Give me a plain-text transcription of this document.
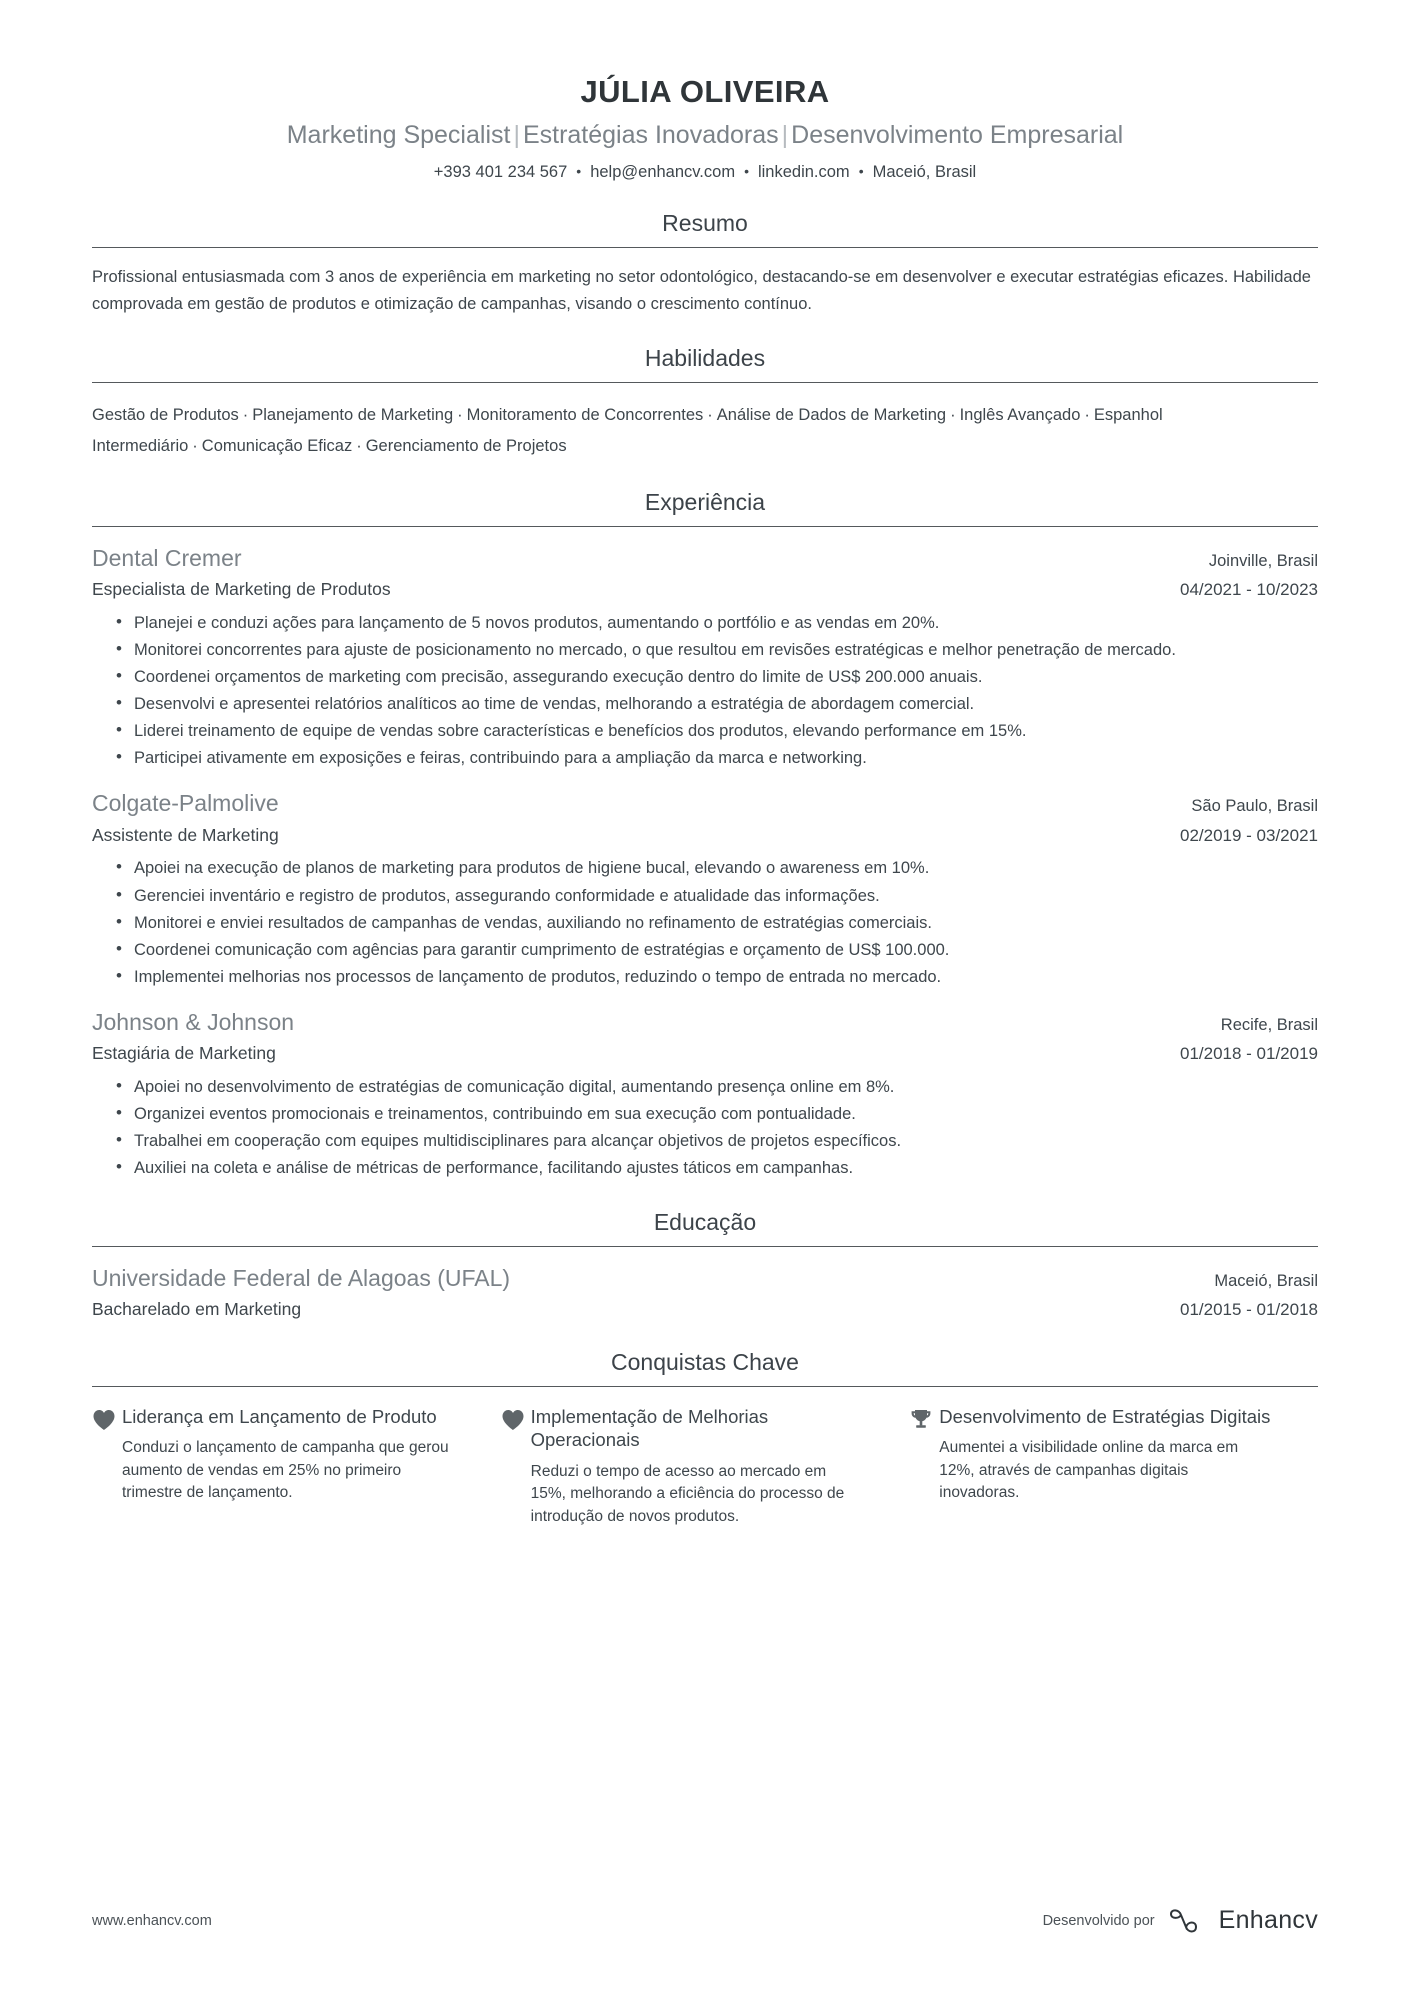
JÚLIA OLIVEIRA
Marketing Specialist | Estratégias Inovadoras | Desenvolvimento Empresarial
+393 401 234 567 • help@enhancv.com • linkedin.com • Maceió, Brasil
Resumo

Profissional entusiasmada com 3 anos de experiência em marketing no setor odontológico, destacando-se em desenvolver e executar estratégias eficazes. Habilidade comprovada em gestão de produtos e otimização de campanhas, visando o crescimento contínuo.

Habilidades
Gestão de Produtos · Planejamento de Marketing · Monitoramento de Concorrentes · Análise de Dados de Marketing · Inglês Avançado · Espanhol Intermediário · Comunicação Eficaz · Gerenciamento de Projetos
Experiência
Dental Cremer	Joinville, Brasil
Especialista de Marketing de Produtos	04/2021 - 10/2023
• Planejei e conduzi ações para lançamento de 5 novos produtos, aumentando o portfólio e as vendas em 20%.
• Monitorei concorrentes para ajuste de posicionamento no mercado, o que resultou em revisões estratégicas e melhor penetração de mercado.
• Coordenei orçamentos de marketing com precisão, assegurando execução dentro do limite de US$ 200.000 anuais.
• Desenvolvi e apresentei relatórios analíticos ao time de vendas, melhorando a estratégia de abordagem comercial.
• Liderei treinamento de equipe de vendas sobre características e benefícios dos produtos, elevando performance em 15%.
• Participei ativamente em exposições e feiras, contribuindo para a ampliação da marca e networking.
Colgate-Palmolive	São Paulo, Brasil
Assistente de Marketing	02/2019 - 03/2021
• Apoiei na execução de planos de marketing para produtos de higiene bucal, elevando o awareness em 10%.
• Gerenciei inventário e registro de produtos, assegurando conformidade e atualidade das informações.
• Monitorei e enviei resultados de campanhas de vendas, auxiliando no refinamento de estratégias comerciais.
• Coordenei comunicação com agências para garantir cumprimento de estratégias e orçamento de US$ 100.000.
• Implementei melhorias nos processos de lançamento de produtos, reduzindo o tempo de entrada no mercado.
Johnson & Johnson	Recife, Brasil
Estagiária de Marketing	01/2018 - 01/2019
• Apoiei no desenvolvimento de estratégias de comunicação digital, aumentando presença online em 8%.
• Organizei eventos promocionais e treinamentos, contribuindo em sua execução com pontualidade.
• Trabalhei em cooperação com equipes multidisciplinares para alcançar objetivos de projetos específicos.
• Auxiliei na coleta e análise de métricas de performance, facilitando ajustes táticos em campanhas.
Educação
Universidade Federal de Alagoas (UFAL)	Maceió, Brasil
Bacharelado em Marketing	01/2015 - 01/2018
Conquistas Chave
Liderança em Lançamento de Produto
Conduzi o lançamento de campanha que gerou aumento de vendas em 25% no primeiro trimestre de lançamento.
Implementação de Melhorias Operacionais
Reduzi o tempo de acesso ao mercado em 15%, melhorando a eficiência do processo de introdução de novos produtos.
Desenvolvimento de Estratégias Digitais
Aumentei a visibilidade online da marca em 12%, através de campanhas digitais inovadoras.
www.enhancv.com	Desenvolvido por	Enhancv
